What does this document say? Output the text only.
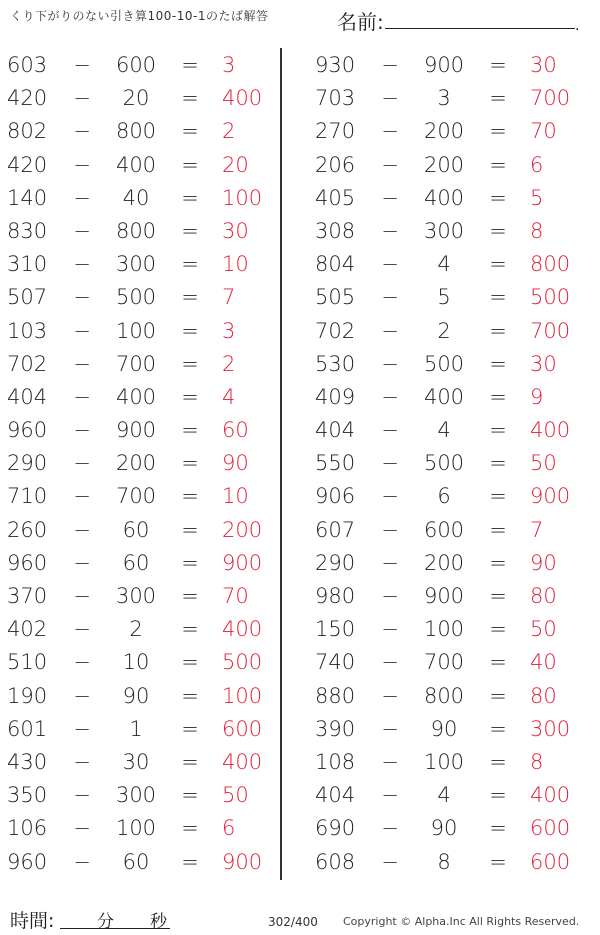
くり下がりのない引き算100-10-1のたば解答	名前:	.
603	−	600	= 3
420	−	20	= 400
802	−	800	= 2
420	−	400	= 20
140	−	40	= 100
830	−	800	= 30
310	−	300	= 10
507	−	500	= 7
103	−	100	= 3
702	−	700	= 2
404	−	400	= 4
960	−	900	= 60
290	−	200	= 90
710	−	700	= 10
260	−	60	= 200
960	−	60	= 900
370	−	300	= 70
402	−	2	= 400
510	−	10	= 500
190	−	90	= 100
601	−	1	= 600
430	−	30	= 400
350	−	300	= 50
106	−	100	= 6
960	−	60	= 900
930	−	900	= 30
703	−	3	= 700
270	−	200	= 70
206	−	200	= 6
405	−	400	= 5
308	−	300	= 8
804	−	4	= 800
505	−	5	= 500
702	−	2	= 700
530	−	500	= 30
409	−	400	= 9
404	−	4	= 400
550	−	500	= 50
906	−	6	= 900
607	−	600	= 7
290	−	200	= 90
980	−	900	= 80
150	−	100	= 50
740	−	700	= 40
880	−	800	= 80
390	−	90	= 300
108	−	100	= 8
404	−	4	= 400
690	−	90	= 600
608	−	8	= 600
時間:	分 秒	302/400 Copyright © Alpha.Inc All Rights Reserved.
